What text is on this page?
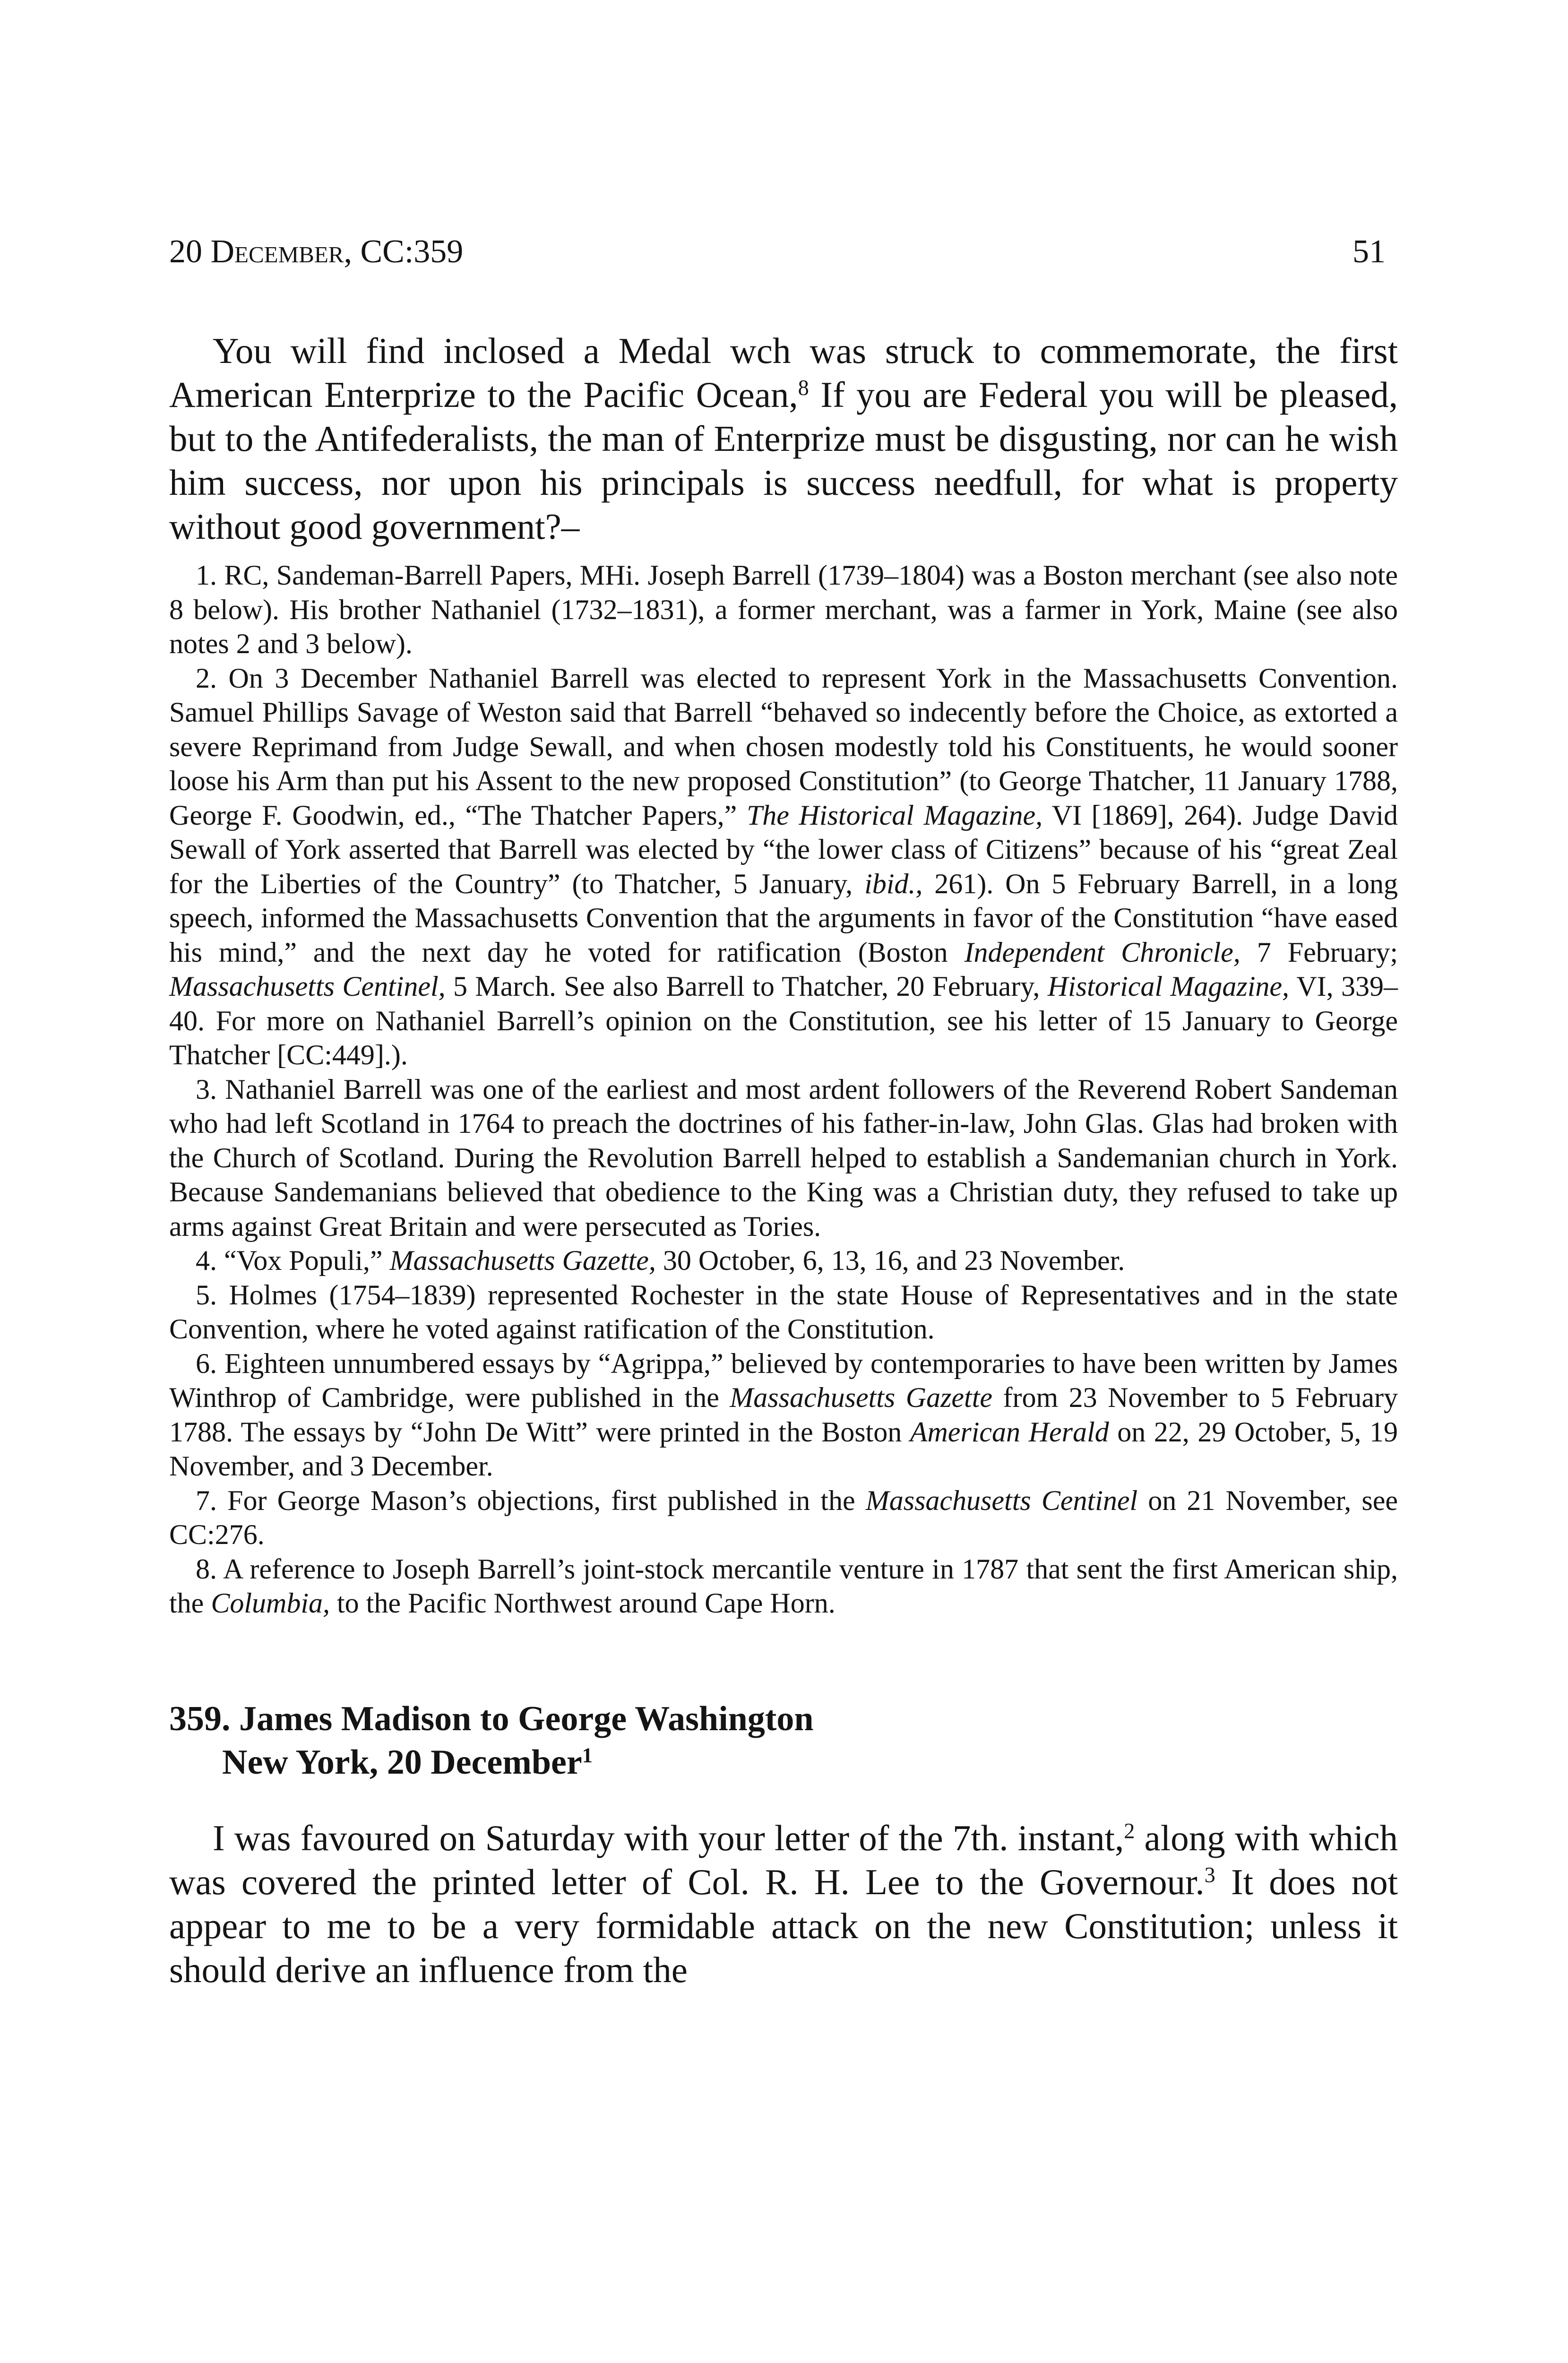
20 December, CC:359	51

You will find inclosed a Medal wch was struck to commemorate, the first American Enterprize to the Pacific Ocean,$^8$ If you are Federal you will be pleased, but to the Antifederalists, the man of Enterprize must be disgusting, nor can he wish him success, nor upon his principals is success needfull, for what is property without good government?–

1. RC, Sandeman-Barrell Papers, MHi. Joseph Barrell (1739–1804) was a Boston merchant (see also note 8 below). His brother Nathaniel (1732–1831), a former merchant, was a farmer in York, Maine (see also notes 2 and 3 below).

2. On 3 December Nathaniel Barrell was elected to represent York in the Massachusetts Convention. Samuel Phillips Savage of Weston said that Barrell “behaved so indecently before the Choice, as extorted a severe Reprimand from Judge Sewall, and when chosen modestly told his Constituents, he would sooner loose his Arm than put his Assent to the new proposed Constitution” (to George Thatcher, 11 January 1788, George F. Goodwin, ed., “The Thatcher Papers,” The Historical Magazine, VI [1869], 264). Judge David Sewall of York asserted that Barrell was elected by “the lower class of Citizens” because of his “great Zeal for the Liberties of the Country” (to Thatcher, 5 January, ibid., 261). On 5 February Barrell, in a long speech, informed the Massachusetts Convention that the arguments in favor of the Constitution “have eased his mind,” and the next day he voted for ratification (Boston Independent Chronicle, 7 February; Massachusetts Centinel, 5 March. See also Barrell to Thatcher, 20 February, Historical Magazine, VI, 339–40. For more on Nathaniel Barrell’s opinion on the Constitution, see his letter of 15 January to George Thatcher [CC:449].).

3. Nathaniel Barrell was one of the earliest and most ardent followers of the Reverend Robert Sandeman who had left Scotland in 1764 to preach the doctrines of his father-in-law, John Glas. Glas had broken with the Church of Scotland. During the Revolution Barrell helped to establish a Sandemanian church in York. Because Sandemanians believed that obedience to the King was a Christian duty, they refused to take up arms against Great Britain and were persecuted as Tories.

4. “Vox Populi,” Massachusetts Gazette, 30 October, 6, 13, 16, and 23 November.

5. Holmes (1754–1839) represented Rochester in the state House of Representatives and in the state Convention, where he voted against ratification of the Constitution.

6. Eighteen unnumbered essays by “Agrippa,” believed by contemporaries to have been written by James Winthrop of Cambridge, were published in the Massachusetts Gazette from 23 November to 5 February 1788. The essays by “John De Witt” were printed in the Boston American Herald on 22, 29 October, 5, 19 November, and 3 December.

7. For George Mason’s objections, first published in the Massachusetts Centinel on 21 November, see CC:276.

8. A reference to Joseph Barrell’s joint-stock mercantile venture in 1787 that sent the first American ship, the Columbia, to the Pacific Northwest around Cape Horn.

359. James Madison to George Washington
New York, 20 December$^1$

I was favoured on Saturday with your letter of the 7th. instant,$^2$ along with which was covered the printed letter of Col. R. H. Lee to the Governour.$^3$ It does not appear to me to be a very formidable attack on the new Constitution; unless it should derive an influence from the
